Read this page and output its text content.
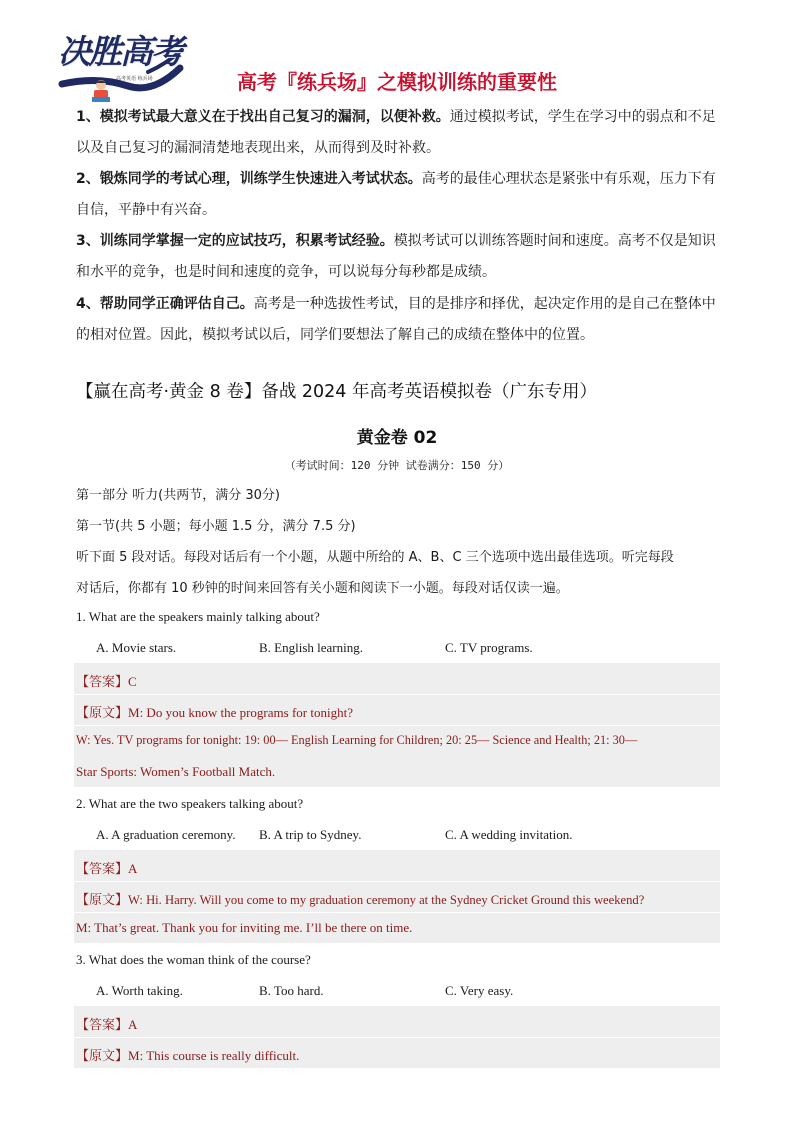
决胜高考
高考英语 练兵场	高考『练兵场』之模拟训练的重要性

1、模拟考试最大意义在于找出自己复习的漏洞，以便补救。通过模拟考试，学生在学习中的弱点和不足以及自己复习的漏洞清楚地表现出来，从而得到及时补救。

2、锻炼同学的考试心理，训练学生快速进入考试状态。高考的最佳心理状态是紧张中有乐观，压力下有自信，平静中有兴奋。

3、训练同学掌握一定的应试技巧，积累考试经验。模拟考试可以训练答题时间和速度。高考不仅是知识和水平的竞争，也是时间和速度的竞争，可以说每分每秒都是成绩。

4、帮助同学正确评估自己。高考是一种选拔性考试，目的是排序和择优，起决定作用的是自己在整体中的相对位置。因此，模拟考试以后，同学们要想法了解自己的成绩在整体中的位置。

【赢在高考·黄金 8 卷】备战 2024 年高考英语模拟卷（广东专用）
黄金卷 02
（考试时间：120 分钟 试卷满分：150 分）
第一部分 听力(共两节，满分 30分)
第一节(共 5 小题；每小题 1.5 分，满分 7.5 分)
听下面 5 段对话。每段对话后有一个小题，从题中所给的 A、B、C 三个选项中选出最佳选项。听完每段
对话后，你都有 10 秒钟的时间来回答有关小题和阅读下一小题。每段对话仅读一遍。
1. What are the speakers mainly talking about?
A. Movie stars.	B. English learning.	C. TV programs.
【答案】C
【原文】M: Do you know the programs for tonight?
W: Yes. TV programs for tonight: 19: 00— English Learning for Children; 20: 25— Science and Health; 21: 30—
Star Sports: Women’s Football Match.
2. What are the two speakers talking about?
A. A graduation ceremony. B. A trip to Sydney.	C. A wedding invitation.
【答案】A
【原文】W: Hi. Harry. Will you come to my graduation ceremony at the Sydney Cricket Ground this weekend?
M: That’s great. Thank you for inviting me. I’ll be there on time.
3. What does the woman think of the course?
A. Worth taking.	B. Too hard.	C. Very easy.
【答案】A
【原文】M: This course is really difficult.
